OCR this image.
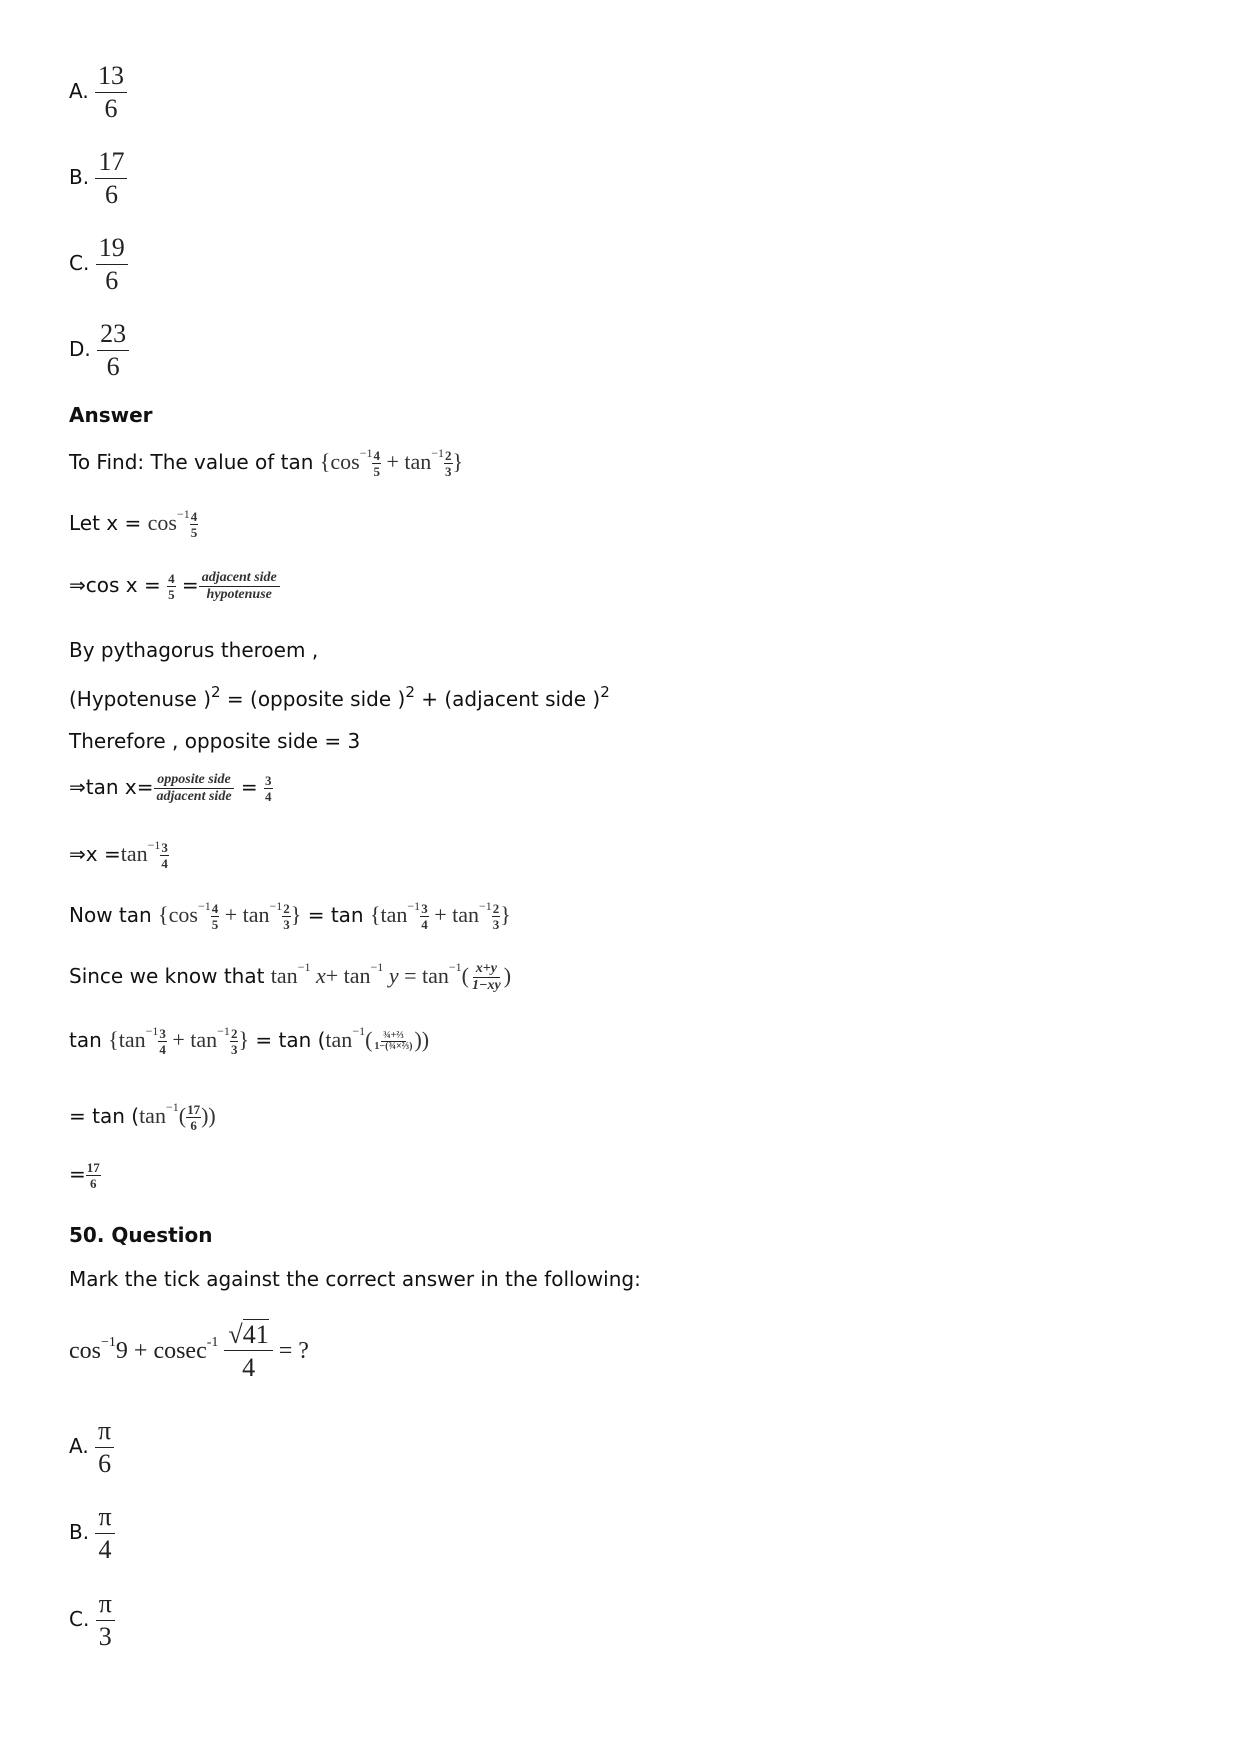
A. $\frac{13}{6}$
B. $\frac{17}{6}$
C. $\frac{19}{6}$
D. $\frac{23}{6}$
Answer
To Find: The value of $\tan \{\cos^{-1} \frac{4}{5} + \tan^{-1} \frac{2}{3}$ }
Let $x = \cos^{-1} \frac{4}{5}$
⇒cos $x = \frac{4}{5} = \frac{\text{adjacent side}}{\text{hypotenuse}}$
By pythagorus theroem ,
(Hypotenuse )$^2$ = (opposite side )$^2$ + (adjacent side )$^2$
Therefore , opposite side = 3
⇒tan $x= \frac{\text{opposite side}}{\text{adjacent side}} = \frac{3}{4}$
⇒x $=\tan^{-1} \frac{3}{4}$
Now $\tan \{\cos^{-1} \frac{4}{5} + \tan^{-1} \frac{2}{3}$ } = $\tan \{\tan^{-1} \frac{3}{4} + \tan^{-1} \frac{2}{3}$ }
Since we know that $\tan^{-1} x+ \tan^{-1} y = \tan^{-1}( \frac{x+y}{1-xy}$ )
$\tan \{\tan^{-1} \frac{3}{4} + \tan^{-1} \frac{2}{3}$ } = $\tan (\tan^{-1}( \frac{\text{¾+⅔}}{\text{1−(¾×⅔)}}$ ))
= $\tan (\tan^{-1}( \frac{17}{6}$ ))
= $\frac{17}{6}$
50. Question
Mark the tick against the correct answer in the following:
$\cos^{-1}9 + cosec^{-1} \frac{√41}{4}$ = ?
A. $\frac{\pi}{6}$
B. $\frac{\pi}{4}$
C. $\frac{\pi}{3}$
